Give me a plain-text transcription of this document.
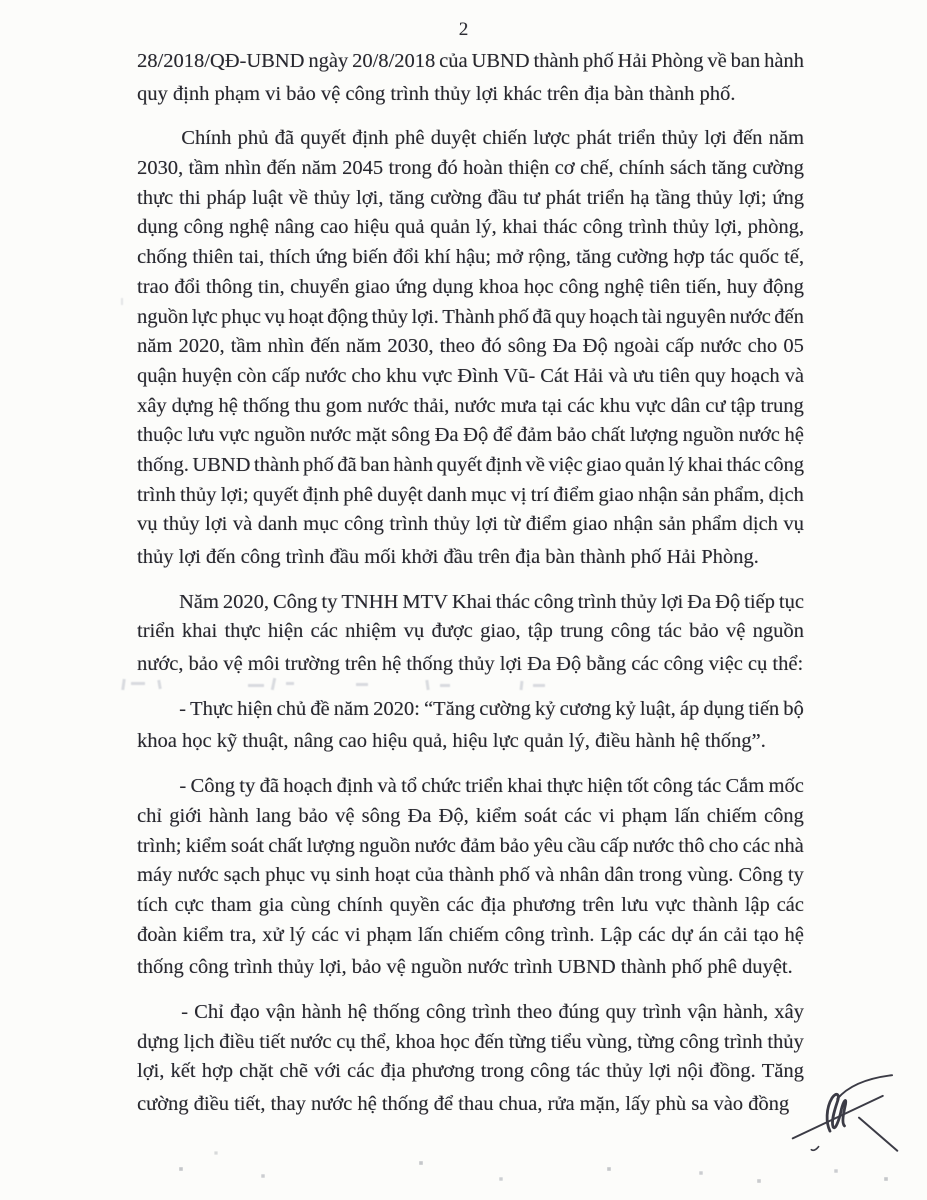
2
28/2018/QĐ-UBND ngày 20/8/2018 của UBND thành phố Hải Phòng về ban hành
quy định phạm vi bảo vệ công trình thủy lợi khác trên địa bàn thành phố.
Chính phủ đã quyết định phê duyệt chiến lược phát triển thủy lợi đến năm
2030, tầm nhìn đến năm 2045 trong đó hoàn thiện cơ chế, chính sách tăng cường
thực thi pháp luật về thủy lợi, tăng cường đầu tư phát triển hạ tầng thủy lợi; ứng
dụng công nghệ nâng cao hiệu quả quản lý, khai thác công trình thủy lợi, phòng,
chống thiên tai, thích ứng biến đổi khí hậu; mở rộng, tăng cường hợp tác quốc tế,
trao đổi thông tin, chuyển giao ứng dụng khoa học công nghệ tiên tiến, huy động
nguồn lực phục vụ hoạt động thủy lợi. Thành phố đã quy hoạch tài nguyên nước đến
năm 2020, tầm nhìn đến năm 2030, theo đó sông Đa Độ ngoài cấp nước cho 05
quận huyện còn cấp nước cho khu vực Đình Vũ- Cát Hải và ưu tiên quy hoạch và
xây dựng hệ thống thu gom nước thải, nước mưa tại các khu vực dân cư tập trung
thuộc lưu vực nguồn nước mặt sông Đa Độ để đảm bảo chất lượng nguồn nước hệ
thống. UBND thành phố đã ban hành quyết định về việc giao quản lý khai thác công
trình thủy lợi; quyết định phê duyệt danh mục vị trí điểm giao nhận sản phẩm, dịch
vụ thủy lợi và danh mục công trình thủy lợi từ điểm giao nhận sản phẩm dịch vụ
thủy lợi đến công trình đầu mối khởi đầu trên địa bàn thành phố Hải Phòng.
Năm 2020, Công ty TNHH MTV Khai thác công trình thủy lợi Đa Độ tiếp tục
triển khai thực hiện các nhiệm vụ được giao, tập trung công tác bảo vệ nguồn
nước, bảo vệ môi trường trên hệ thống thủy lợi Đa Độ bằng các công việc cụ thể:
- Thực hiện chủ đề năm 2020: “Tăng cường kỷ cương kỷ luật, áp dụng tiến bộ
khoa học kỹ thuật, nâng cao hiệu quả, hiệu lực quản lý, điều hành hệ thống”.
- Công ty đã hoạch định và tổ chức triển khai thực hiện tốt công tác Cắm mốc
chỉ giới hành lang bảo vệ sông Đa Độ, kiểm soát các vi phạm lấn chiếm công
trình; kiểm soát chất lượng nguồn nước đảm bảo yêu cầu cấp nước thô cho các nhà
máy nước sạch phục vụ sinh hoạt của thành phố và nhân dân trong vùng. Công ty
tích cực tham gia cùng chính quyền các địa phương trên lưu vực thành lập các
đoàn kiểm tra, xử lý các vi phạm lấn chiếm công trình. Lập các dự án cải tạo hệ
thống công trình thủy lợi, bảo vệ nguồn nước trình UBND thành phố phê duyệt.
- Chỉ đạo vận hành hệ thống công trình theo đúng quy trình vận hành, xây
dựng lịch điều tiết nước cụ thể, khoa học đến từng tiểu vùng, từng công trình thủy
lợi, kết hợp chặt chẽ với các địa phương trong công tác thủy lợi nội đồng. Tăng
cường điều tiết, thay nước hệ thống để thau chua, rửa mặn, lấy phù sa vào đồng
